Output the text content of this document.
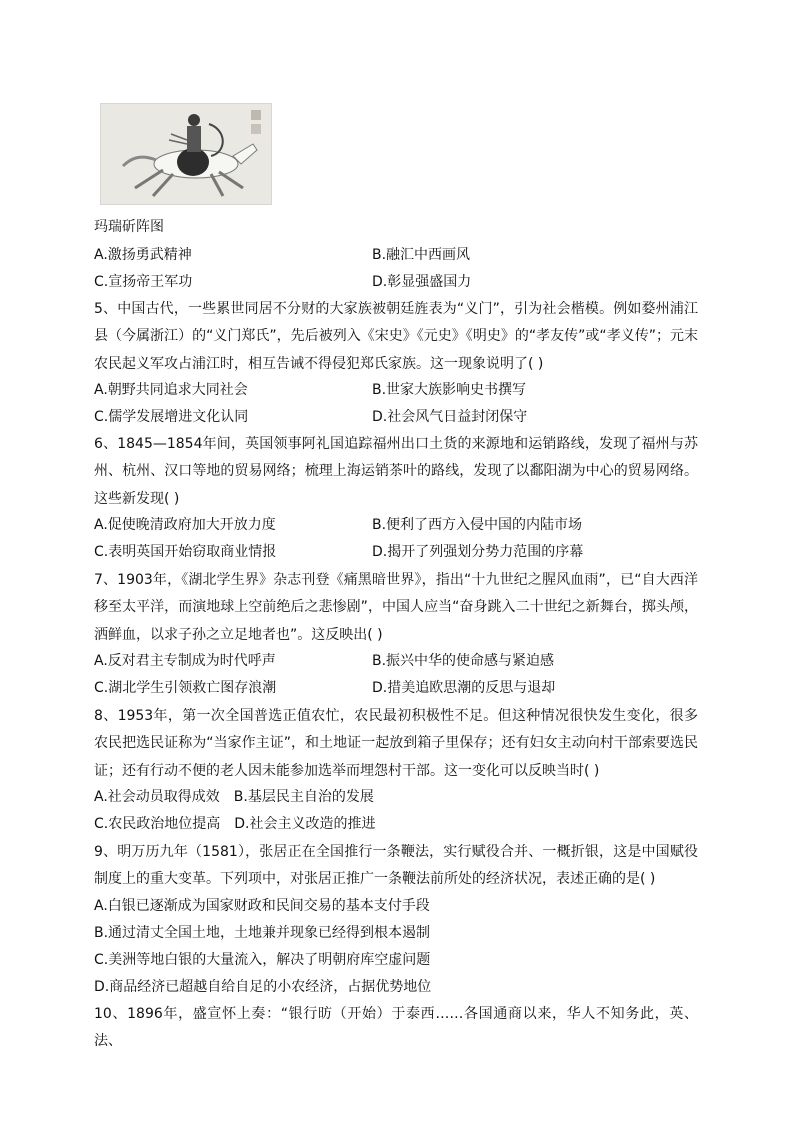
玛瑞斫阵图
A.激扬勇武精神	B.融汇中西画风
C.宣扬帝王军功	D.彰显强盛国力
5、中国古代，一些累世同居不分财的大家族被朝廷旌表为“义门”，引为社会楷模。例如婺州浦江县（今属浙江）的“义门郑氏”，先后被列入《宋史》《元史》《明史》的“孝友传”或“孝义传”；元末农民起义军攻占浦江时，相互告诫不得侵犯郑氏家族。这一现象说明了( )
A.朝野共同追求大同社会	B.世家大族影响史书撰写
C.儒学发展增进文化认同	D.社会风气日益封闭保守
6、1845—1854年间，英国领事阿礼国追踪福州出口土货的来源地和运销路线，发现了福州与苏州、杭州、汉口等地的贸易网络；梳理上海运销茶叶的路线，发现了以鄱阳湖为中心的贸易网络。这些新发现( )
A.促使晚清政府加大开放力度	B.便利了西方入侵中国的内陆市场
C.表明英国开始窃取商业情报	D.揭开了列强划分势力范围的序幕
7、1903年，《湖北学生界》杂志刊登《痛黑暗世界》，指出“十九世纪之腥风血雨”，已“自大西洋移至太平洋，而演地球上空前绝后之悲惨剧”，中国人应当“奋身跳入二十世纪之新舞台，掷头颅，洒鲜血，以求子孙之立足地者也”。这反映出( )
A.反对君主专制成为时代呼声	B.振兴中华的使命感与紧迫感
C.湖北学生引领救亡图存浪潮	D.措美追欧思潮的反思与退却
8、1953年，第一次全国普选正值农忙，农民最初积极性不足。但这种情况很快发生变化，很多农民把选民证称为“当家作主证”，和土地证一起放到箱子里保存；还有妇女主动向村干部索要选民证；还有行动不便的老人因未能参加选举而埋怨村干部。这一变化可以反映当时( )
A.社会动员取得成效　B.基层民主自治的发展
C.农民政治地位提高　D.社会主义改造的推进
9、明万历九年（1581），张居正在全国推行一条鞭法，实行赋役合并、一概折银，这是中国赋役制度上的重大变革。下列项中，对张居正推广一条鞭法前所处的经济状况，表述正确的是( )
A.白银已逐渐成为国家财政和民间交易的基本支付手段
B.通过清丈全国土地，土地兼并现象已经得到根本遏制
C.美洲等地白银的大量流入，解决了明朝府库空虚问题
D.商品经济已超越自给自足的小农经济，占据优势地位
10、1896年，盛宣怀上奏：“银行昉（开始）于泰西……各国通商以来，华人不知务此，英、法、
